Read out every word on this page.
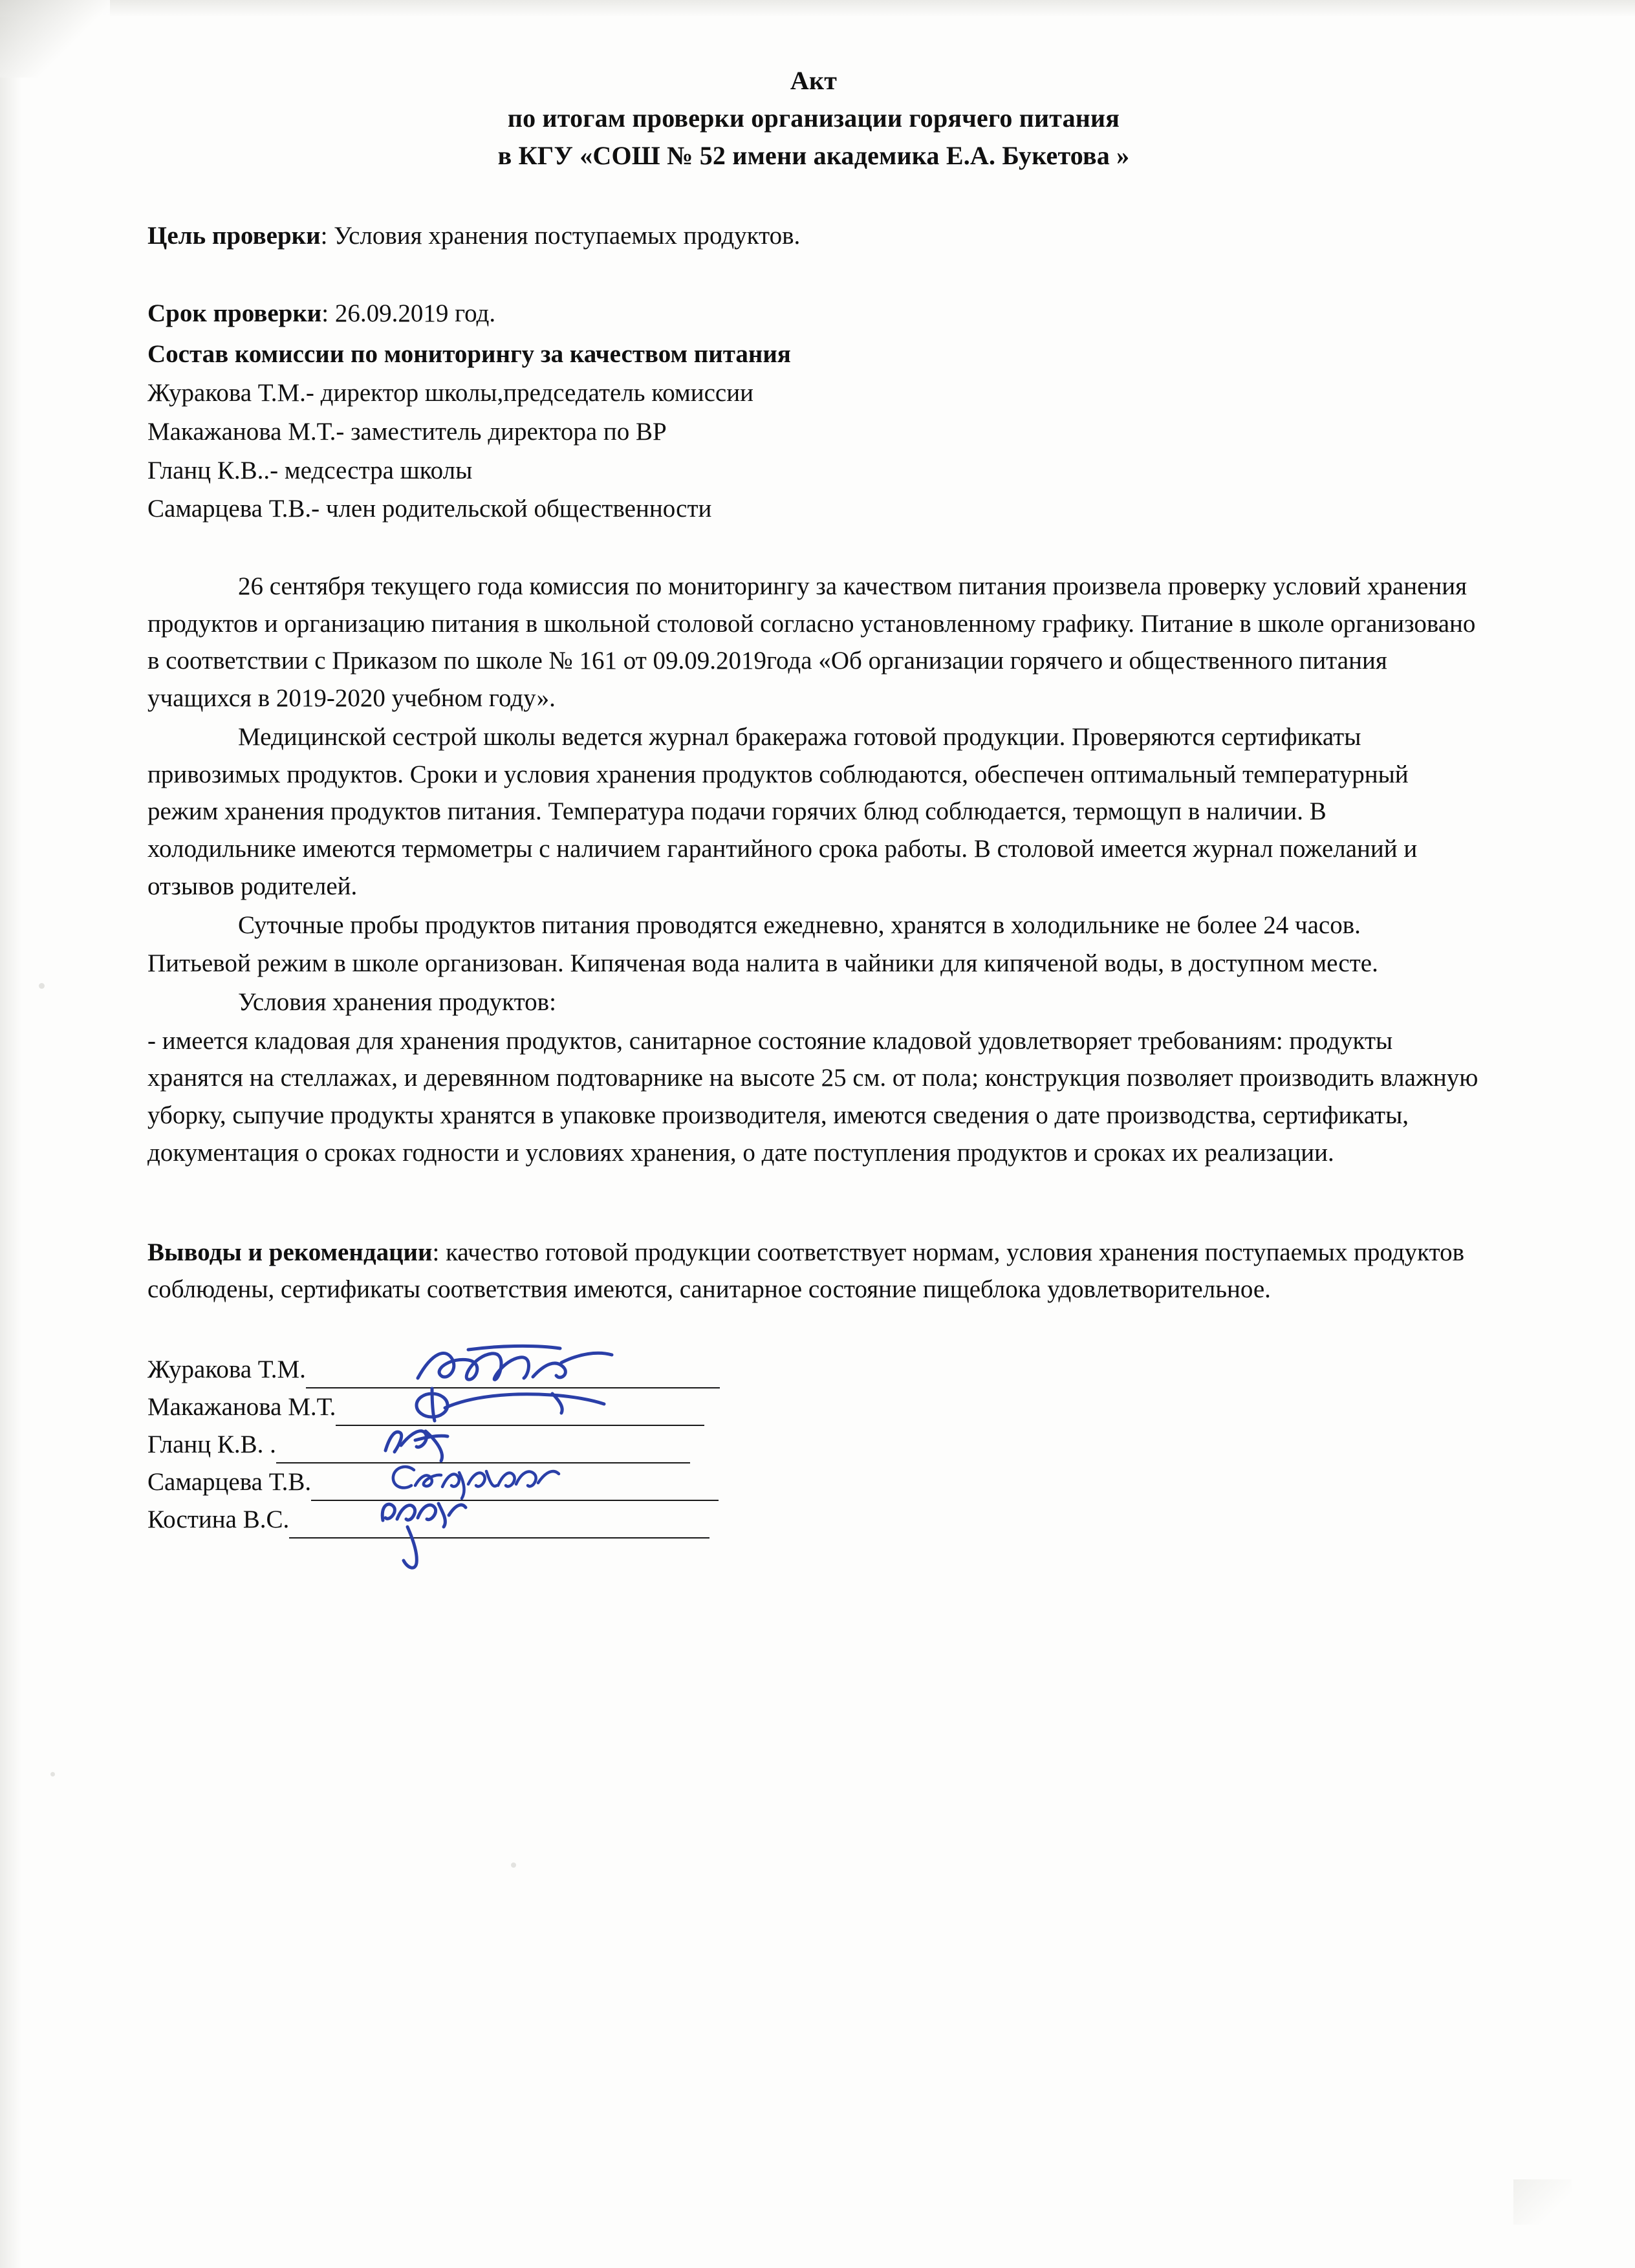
Акт
по итогам проверки организации горячего питания
в КГУ «СОШ № 52 имени академика Е.А. Букетова »

Цель проверки: Условия хранения поступаемых продуктов.

Срок проверки: 26.09.2019 год.

Состав комиссии по мониторингу за качеством питания

Журакова Т.М.- директор школы,председатель комиссии

Макажанова М.Т.- заместитель директора по ВР

Гланц К.В..- медсестра школы

Самарцева Т.В.- член родительской общественности

26 сентября текущего года комиссия по мониторингу за качеством питания произвела проверку условий хранения продуктов и организацию питания в школьной столовой согласно установленному графику. Питание в школе организовано в соответствии с Приказом по школе № 161 от 09.09.2019года «Об организации горячего и общественного питания учащихся в 2019-2020 учебном году».

Медицинской сестрой школы ведется журнал бракеража готовой продукции. Проверяются сертификаты привозимых продуктов. Сроки и условия хранения продуктов соблюдаются, обеспечен оптимальный температурный режим хранения продуктов питания. Температура подачи горячих блюд соблюдается, термощуп в наличии. В холодильнике имеются термометры с наличием гарантийного срока работы. В столовой имеется журнал пожеланий и отзывов родителей.

Суточные пробы продуктов питания проводятся ежедневно, хранятся в холодильнике не более 24 часов.

Питьевой режим в школе организован. Кипяченая вода налита в чайники для кипяченой воды, в доступном месте.

Условия хранения продуктов:

- имеется кладовая для хранения продуктов, санитарное состояние кладовой удовлетворяет требованиям: продукты хранятся на стеллажах, и деревянном подтоварнике на высоте 25 см. от пола; конструкция позволяет производить влажную уборку, сыпучие продукты хранятся в упаковке производителя, имеются сведения о дате производства, сертификаты, документация о сроках годности и условиях хранения, о дате поступления продуктов и сроках их реализации.

Выводы и рекомендации: качество готовой продукции соответствует нормам, условия хранения поступаемых продуктов соблюдены, сертификаты соответствия имеются, санитарное состояние пищеблока удовлетворительное.

Журакова Т.М.
Макажанова М.Т.
Гланц К.В. .
Самарцева Т.В.
Костина В.С.
